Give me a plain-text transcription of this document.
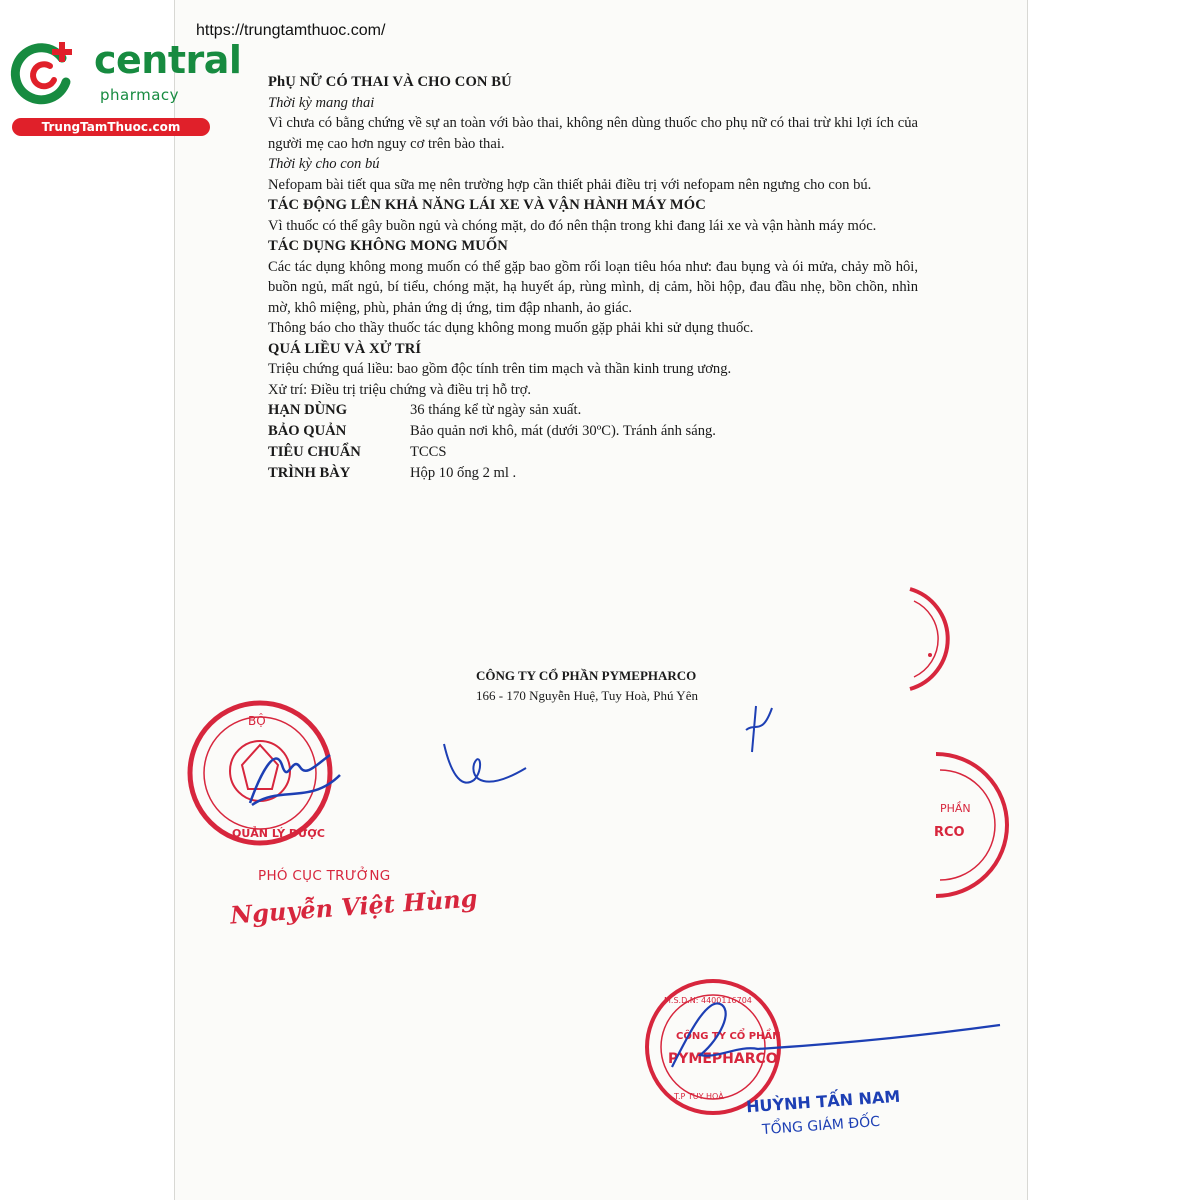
central
pharmacy
TrungTamThuoc.com
https://trungtamthuoc.com/
PhỤ NỮ CÓ THAI VÀ CHO CON BÚ
Thời kỳ mang thai
Vì chưa có bằng chứng về sự an toàn với bào thai, không nên dùng thuốc cho phụ nữ có thai trừ khi lợi ích của người mẹ cao hơn nguy cơ trên bào thai.
Thời kỳ cho con bú
Nefopam bài tiết qua sữa mẹ nên trường hợp cần thiết phải điều trị với nefopam nên ngưng cho con bú.
TÁC ĐỘNG LÊN KHẢ NĂNG LÁI XE VÀ VẬN HÀNH MÁY MÓC
Vì thuốc có thể gây buồn ngủ và chóng mặt, do đó nên thận trong khi đang lái xe và vận hành máy móc.
TÁC DỤNG KHÔNG MONG MUỐN
Các tác dụng không mong muốn có thể gặp bao gồm rối loạn tiêu hóa như: đau bụng và ói mửa, chảy mồ hôi, buồn ngủ, mất ngủ, bí tiểu, chóng mặt, hạ huyết áp, rùng mình, dị cảm, hồi hộp, đau đầu nhẹ, bồn chồn, nhìn mờ, khô miệng, phù, phản ứng dị ứng, tim đập nhanh, ảo giác.
Thông báo cho thầy thuốc tác dụng không mong muốn gặp phải khi sử dụng thuốc.
QUÁ LIỀU VÀ XỬ TRÍ
Triệu chứng quá liều: bao gồm độc tính trên tim mạch và thần kinh trung ương.
Xử trí: Điều trị triệu chứng và điều trị hỗ trợ.
HẠN DÙNG	36 tháng kể từ ngày sản xuất.
BẢO QUẢN	Bảo quản nơi khô, mát (dưới 30ºC). Tránh ánh sáng.
TIÊU CHUẨN	TCCS
TRÌNH BÀY	Hộp 10 ống 2 ml .
CÔNG TY CỔ PHẦN PYMEPHARCO
166 - 170 Nguyễn Huệ, Tuy Hoà, Phú Yên
BỘ
QUẢN LÝ DƯỢC
PHÓ CỤC TRƯỞNG
Nguyễn Việt Hùng
PHẦN
RCO
CÔNG TY CỔ PHẦN
PYMEPHARCO
M.S.D.N: 4400116704
T.P TUY HOÀ HUỲNH TẤN NAM
TỔNG GIÁM ĐỐC
